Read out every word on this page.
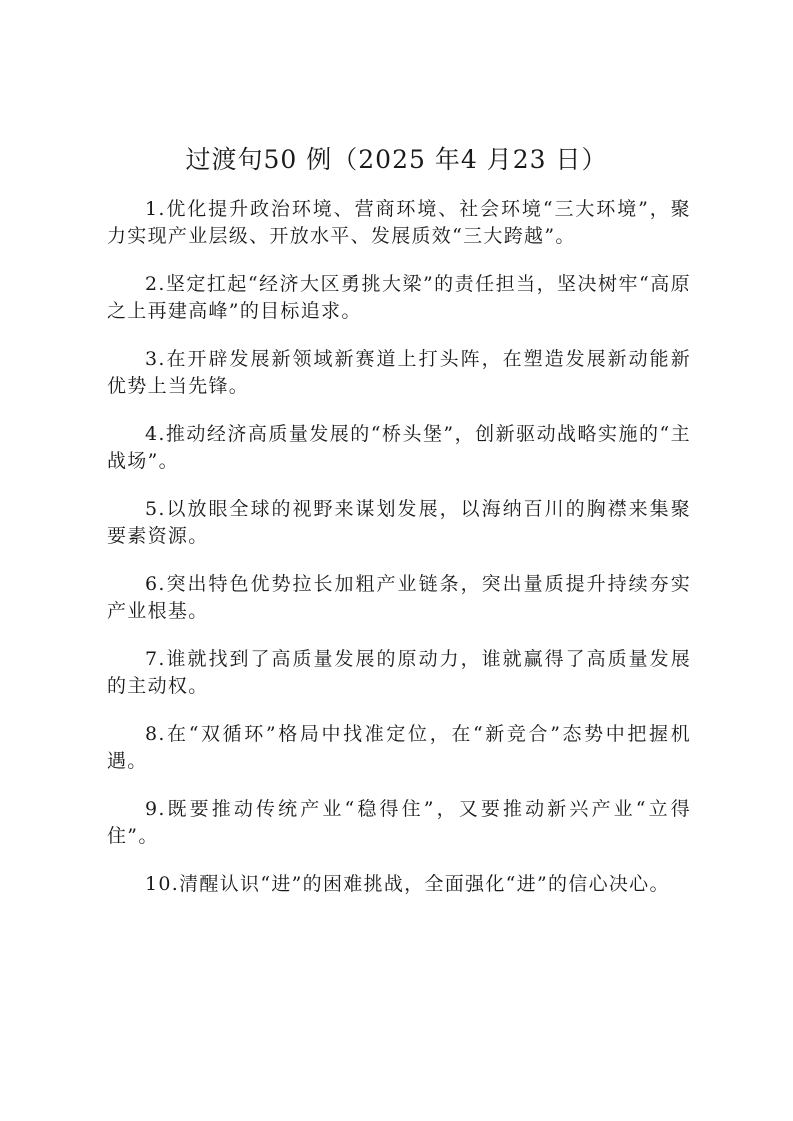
过渡句50 例（2025 年4 月23 日）
1.优化提升政治环境、营商环境、社会环境“三大环境”，聚力实现产业层级、开放水平、发展质效“三大跨越”。
2.坚定扛起“经济大区勇挑大梁”的责任担当，坚决树牢“高原之上再建高峰”的目标追求。
3.在开辟发展新领域新赛道上打头阵，在塑造发展新动能新优势上当先锋。
4.推动经济高质量发展的“桥头堡”，创新驱动战略实施的“主战场”。
5.以放眼全球的视野来谋划发展，以海纳百川的胸襟来集聚要素资源。
6.突出特色优势拉长加粗产业链条，突出量质提升持续夯实产业根基。
7.谁就找到了高质量发展的原动力，谁就赢得了高质量发展的主动权。
8.在“双循环”格局中找准定位，在“新竞合”态势中把握机遇。
9.既要推动传统产业“稳得住”，又要推动新兴产业“立得住”。
10.清醒认识“进”的困难挑战，全面强化“进”的信心决心。
